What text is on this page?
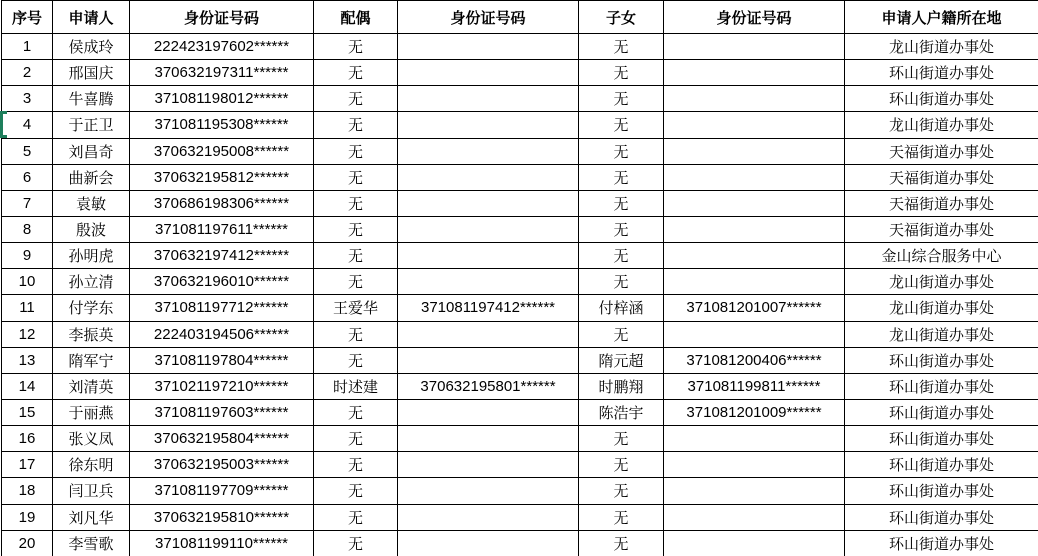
序号	申请人	身份证号码	配偶	身份证号码	子女	身份证号码	申请人户籍所在地
1	侯成玲	222423197602******	无		无		龙山街道办事处
2	邢国庆	370632197311******	无		无		环山街道办事处
3	牛喜腾	371081198012******	无		无		环山街道办事处
4	于正卫	371081195308******	无		无		龙山街道办事处
5	刘昌奇	370632195008******	无		无		天福街道办事处
6	曲新会	370632195812******	无		无		天福街道办事处
7	袁敏	370686198306******	无		无		天福街道办事处
8	殷波	371081197611******	无		无		天福街道办事处
9	孙明虎	370632197412******	无		无		金山综合服务中心
10	孙立清	370632196010******	无		无		龙山街道办事处
11	付学东	371081197712******	王爱华	371081197412******	付梓涵	371081201007******	龙山街道办事处
12	李振英	222403194506******	无		无		龙山街道办事处
13	隋军宁	371081197804******	无		隋元超	371081200406******	环山街道办事处
14	刘清英	371021197210******	时述建	370632195801******	时鹏翔	371081199811******	环山街道办事处
15	于丽燕	371081197603******	无		陈浩宇	371081201009******	环山街道办事处
16	张义凤	370632195804******	无		无		环山街道办事处
17	徐东明	370632195003******	无		无		环山街道办事处
18	闫卫兵	371081197709******	无		无		环山街道办事处
19	刘凡华	370632195810******	无		无		环山街道办事处
20	李雪歌	371081199110******	无		无		环山街道办事处
